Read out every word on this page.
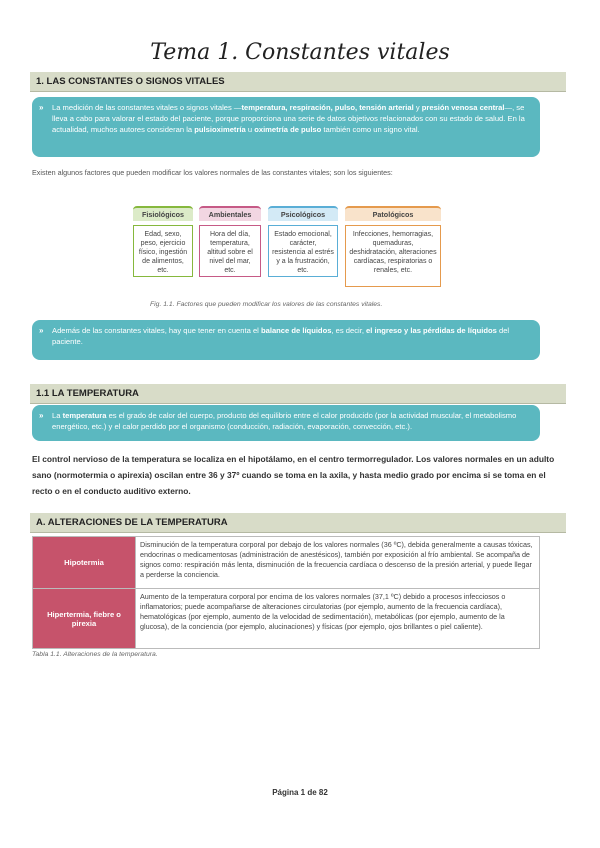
Tema 1. Constantes vitales
1. LAS CONSTANTES O SIGNOS VITALES
» La medición de las constantes vitales o signos vitales —temperatura, respiración, pulso, tensión arterial y presión venosa central—, se lleva a cabo para valorar el estado del paciente, porque proporciona una serie de datos objetivos relacionados con su estado de salud. En la actualidad, muchos autores consideran la pulsioximetría u oximetría de pulso también como un signo vital.
Existen algunos factores que pueden modificar los valores normales de las constantes vitales; son los siguientes:
Fisiológicos
Edad, sexo, peso, ejercicio físico, ingestión de alimentos, etc.
Ambientales
Hora del día, temperatura, altitud sobre el nivel del mar, etc.
Psicológicos
Estado emocional, carácter, resistencia al estrés y a la frustración, etc.
Patológicos
Infecciones, hemorragias, quemaduras, deshidratación, alteraciones cardíacas, respiratorias o renales, etc.
Fig. 1.1. Factores que pueden modificar los valores de las constantes vitales.
» Además de las constantes vitales, hay que tener en cuenta el balance de líquidos, es decir, el ingreso y las pérdidas de líquidos del paciente.
1.1 LA TEMPERATURA
» La temperatura es el grado de calor del cuerpo, producto del equilibrio entre el calor producido (por la actividad muscular, el metabolismo energético, etc.) y el calor perdido por el organismo (conducción, radiación, evaporación, convección, etc.).
El control nervioso de la temperatura se localiza en el hipotálamo, en el centro termorregulador. Los valores normales en un adulto sano (normotermia o apirexia) oscilan entre 36 y 37º cuando se toma en la axila, y hasta medio grado por encima si se toma en el recto o en el conducto auditivo externo.
A. ALTERACIONES DE LA TEMPERATURA
Hipotermia	Disminución de la temperatura corporal por debajo de los valores normales (36 ºC), debida generalmente a causas tóxicas, endocrinas o medicamentosas (administración de anestésicos), también por exposición al frío ambiental. Se acompaña de signos como: respiración más lenta, disminución de la frecuencia cardíaca o descenso de la presión arterial, y puede llegar a perderse la conciencia.
Hipertermia, fiebre o pirexia	Aumento de la temperatura corporal por encima de los valores normales (37,1 ºC) debido a procesos infecciosos o inflamatorios; puede acompañarse de alteraciones circulatorias (por ejemplo, aumento de la frecuencia cardíaca), hematológicas (por ejemplo, aumento de la velocidad de sedimentación), metabólicas (por ejemplo, aumento de la glucosa), de la conciencia (por ejemplo, alucinaciones) y físicas (por ejemplo, ojos brillantes o piel caliente).
Tabla 1.1. Alteraciones de la temperatura.
Página 1 de 82
